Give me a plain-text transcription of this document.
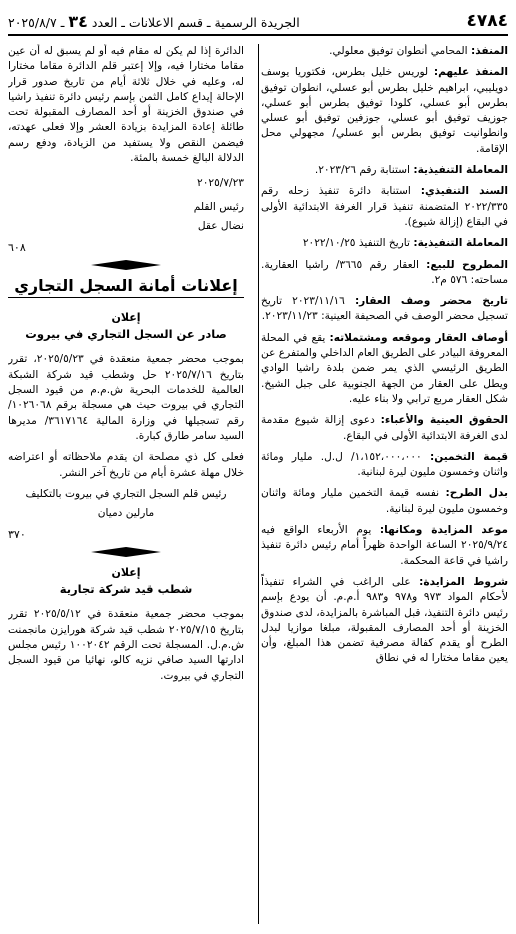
٤٧٨٤
الجريدة الرسمية ـ قسم الاعلانات ـ العدد ٣٤ ـ ٢٠٢٥/٨/٧

المنفذ: المحامي أنطوان توفيق معلولي.

المنفذ عليهم: لوريس خليل بطرس، فكتوريا يوسف دويليبي، ابراهيم خليل بطرس أبو عسلي، انطوان توفيق بطرس أبو عسلي، كلودا توفيق بطرس أبو عسلي، جوزيف توفيق أبو عسلي، جوزفين توفيق أبو عسلي وانطوانيت توفيق بطرس أبو عسلي/ مجهولي محل الإقامة.

المعاملة التنفيذية: استنابة رقم ٢٠٢٣/٢٦.

السند التنفيذي: استنابة دائرة تنفيذ زحله رقم ٢٠٢٢/٣٣٥ المتضمنة تنفيذ قرار الغرفة الابتدائية الأولى في البقاع (إزالة شيوع).

المعاملة التنفيذية: تاريخ التنفيذ ٢٠٢٢/١٠/٢٥

المطروح للبيع: العقار رقم ٣٦٦٥/ راشيا العقارية. مساحته: ٥٧٦ م٢.

تاريخ محضر وصف العقار: ٢٠٢٣/١١/١٦ تاريخ تسجيل محضر الوصف في الصحيفة العينية: ٢٠٢٣/١١/٢٣.

أوصاف العقار وموقعه ومشتملاته: يقع في المحلة المعروفة البيادر على الطريق العام الداخلي والمتفرع عن الطريق الرئيسي الذي يمر ضمن بلدة راشيا الوادي ويطل على العقار من الجهة الجنوبية على جبل الشيخ. شكل العقار مربع ترابي ولا بناء عليه.

الحقوق العينية والأعباء: دعوى إزالة شيوع مقدمة لدى الغرفة الابتدائية الأولى في البقاع.

قيمة التخمين: ١،١٥٢،٠٠٠،٠٠٠/ ل.ل. مليار ومائة واثنان وخمسون مليون ليرة لبنانية.

بدل الطرح: نفسه قيمة التخمين مليار ومائة واثنان وخمسون مليون ليرة لبنانية.

موعد المزايدة ومكانها: يوم الأربعاء الواقع فيه ٢٠٢٥/٩/٢٤ الساعة الواحدة ظهراً أمام رئيس دائرة تنفيذ راشيا في قاعة المحكمة.

شروط المزايدة: على الراغب في الشراء تنفيذاً لأحكام المواد ٩٧٣ و٩٧٨ و٩٨٣ أ.م.م. أن يودع بإسم رئيس دائرة التنفيذ، قبل المباشرة بالمزايدة، لدى صندوق الخزينة أو أحد المصارف المقبولة، مبلغا موازيا لبدل الطرح أو يقدم كفالة مصرفية تضمن هذا المبلغ، وأن يعين مقاما مختارا له في نطاق

الدائرة إذا لم يكن له مقام فيه أو لم يسبق له أن عين مقاما مختارا فيه، وإلا إعتبر قلم الدائرة مقاما مختارا له، وعليه في خلال ثلاثة أيام من تاريخ صدور قرار الإحالة إيداع كامل الثمن بإسم رئيس دائرة تنفيذ راشيا في صندوق الخزينة أو أحد المصارف المقبولة تحت طائلة إعادة المزايدة بزيادة العشر وإلا فعلى عهدته، فيضمن النقص ولا يستفيد من الزيادة، ودفع رسم الدلالة البالغ خمسة بالمئة.

٢٠٢٥/٧/٢٣
رئيس القلم
نضال عقل
٦٠٨
إعلانات أمانة السجل التجاري
إعلان
صادر عن السجل التجاري في بيروت

بموجب محضر جمعية منعقدة في ٢٠٢٥/٥/٢٣، تقرر بتاريخ ٢٠٢٥/٧/١٦ حل وشطب قيد شركة الشبكة العالمية للخدمات البحرية ش.م.م من قيود السجل التجاري في بيروت حيث هي مسجلة برقم ١٠٢٦٠٦٨/ رقم تسجيلها في وزارة المالية ٣٦١٧١٦٤/ مديرها السيد سامر طارق كبارة.

فعلى كل ذي مصلحة ان يقدم ملاحظاته أو اعتراضه خلال مهلة عشرة أيام من تاريخ آخر النشر.

رئيس قلم السجل التجاري في بيروت بالتكليف
مارلين دميان
٣٧٠
إعلان
شطب قيد شركة تجارية

بموجب محضر جمعية منعقدة في ٢٠٢٥/٥/١٢ تقرر بتاريخ ٢٠٢٥/٧/١٥ شطب قيد شركة هورايزن مانجمنت ش.م.ل. المسجلة تحت الرقم ١٠٠٢٠٤٢ رئيس مجلس ادارتها السيد صافي نزيه كالو، نهائيا من قيود السجل التجاري في بيروت.
